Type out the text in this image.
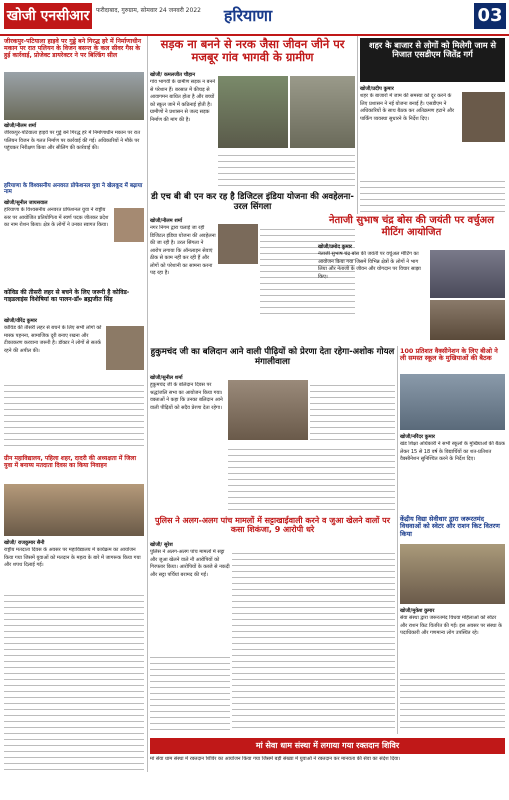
खोजी एनसीआर	फरीदाबाद, गुरुग्राम, सोमवार 24 जनवरी 2022	हरियाणा	03
जीरकपुर-पटियाला हाइवे पर गुड्डे बने गिरद्ध हरे में निर्माणाधीन मकान पर रात पलियन के विजन बसन्त के कल सीवर गैस के हुई कार्रवाई, प्रोजेक्ट डायरेक्टर ने पर बिल्डिंग सील
खोजी/नीलम शर्मा
जीरकपुर-पटियाला हाइवे पर गुड्डे बने गिरद्ध हरे में निर्माणाधीन मकान पर रात पलियन विजन के गलत निर्माण पर कार्रवाई की गई। अधिकारियों ने मौके पर पहुंचकर निरीक्षण किया और सीलिंग की कार्रवाई की।
हरियाणा के विश्वसनीय अनवरत प्रोफेशनल युवा ने खेलकूद में बढ़ाया नाम
खोजी/सुनील जायसवाल
हरियाणा के विश्वसनीय अनवरत प्रोफेशनल युवा ने राष्ट्रीय स्तर पर आयोजित प्रतियोगिता में स्वर्ण पदक जीतकर प्रदेश का नाम रोशन किया। क्षेत्र के लोगों ने उनका स्वागत किया।
कोविड की तीसरी लहर से बचने के लिए जरूरी है कोविड-गाइडलाइंस विशेषियां का पालन-डॉ० ब्रह्मजीत सिंह
खोजी/वीरेंद्र कुमार
कोविड की तीसरी लहर से बचने के लिए सभी लोगों को मास्क पहनना, सामाजिक दूरी बनाए रखना और टीकाकरण करवाना जरूरी है। डॉक्टर ने लोगों से सतर्क रहने की अपील की।
ग्रीन महाविद्यालय, पहिला शहर, दादरी की अध्यक्षता में जिला युवा में बनाय्य मतदाता दिवस का किया निवाहन
खोजी/ राजकुमार सैनी
राष्ट्रीय मतदाता दिवस के अवसर पर महाविद्यालय में कार्यक्रम का आयोजन किया गया जिसमें युवाओं को मतदान के महत्व के बारे में जागरूक किया गया और शपथ दिलाई गई।
सड़क ना बनने से नरक जैसा जीवन जीने पर मजबूर गांव भागवी के ग्रामीण
खोजी/ कमलजीत चौहान
गांव भागवी के ग्रामीण सड़क न बनने से परेशान हैं। बरसात में कीचड़ से आवागमन बाधित होता है और बच्चों को स्कूल जाने में कठिनाई होती है। ग्रामीणों ने प्रशासन से जल्द सड़क निर्माण की मांग की है।
डी एच बी बी एन कर रह है डिजिटल इंडिया योजना की अवहेलना-उरल सिंगला
खोजी/नीलम शर्मा
नगर निगम द्वारा चलाई जा रही डिजिटल इंडिया योजना की अवहेलना की जा रही है। उरल सिंगला ने आरोप लगाया कि ऑनलाइन सेवाएं ठीक से काम नहीं कर रही हैं और लोगों को परेशानी का सामना करना पड़ रहा है।
शहर के बाजार से लोगों को मिलेगी जाम से निजात एसडीएम जितेंद्र गर्ग
खोजी/प्रदीप कुमार
शहर के बाजारों में जाम की समस्या को दूर करने के लिए प्रशासन ने नई योजना बनाई है। एसडीएम ने अधिकारियों के साथ बैठक कर अतिक्रमण हटाने और पार्किंग व्यवस्था सुधारने के निर्देश दिए।
नेताजी सुभाष चंद्र बोस की जयंती पर वर्चुअल मीटिंग आयोजित
खोजी/प्रमोद कुमार
नेताजी सुभाष चंद्र बोस की जयंती पर वर्चुअल मीटिंग का आयोजन किया गया जिसमें विभिन्न क्षेत्रों के लोगों ने भाग लिया और नेताजी के जीवन और योगदान पर विचार साझा किए।
हुकुमचंद जी का बलिदान आने वाली पीढ़ियों को प्रेरणा देता रहेगा-अशोक गोयल मंगालीवाला
खोजी/सुनील शर्मा
हुकुमचंद जी के बलिदान दिवस पर श्रद्धांजलि सभा का आयोजन किया गया। वक्ताओं ने कहा कि उनका बलिदान आने वाली पीढ़ियों को सदैव प्रेरणा देता रहेगा।
100 प्रतिशत वैक्सीनेशन के लिए बीओ ने ली समस्त स्कूल के मुखियाओं की बैठक
खोजी/नरिंदर कुमार
खंड शिक्षा अधिकारी ने सभी स्कूलों के मुखियाओं की बैठक लेकर 15 से 18 वर्ष के विद्यार्थियों का शत-प्रतिशत वैक्सीनेशन सुनिश्चित करने के निर्देश दिए।
पुलिस ने अलग-अलग पांच मामलों में सट्टाखाईवाली करने व जुआ खेलने वालों पर कसा शिकंजा, 9 आरोपी धरे
खोजी/ सुरेश
पुलिस ने अलग-अलग पांच मामलों में सट्टा और जुआ खेलने वाले नौ आरोपियों को गिरफ्तार किया। आरोपियों के कब्जे से नकदी और सट्टा पर्चियां बरामद की गईं।
केंद्रीय विद्या सेवीधार द्वारा जरूरतमंद विधवाओं को स्वेटर और राशन किट वितरण किया
खोजी/मुकेश कुमार
सेवा संस्था द्वारा जरूरतमंद विधवा महिलाओं को स्वेटर और राशन किट वितरित की गईं। इस अवसर पर संस्था के पदाधिकारी और गणमान्य लोग उपस्थित रहे।
मां सेवा धाम संस्था में लगाया गया रक्तदान शिविर
मां सेवा धाम संस्था में रक्तदान शिविर का आयोजन किया गया जिसमें बड़ी संख्या में युवाओं ने रक्तदान कर मानवता की सेवा का संदेश दिया।
